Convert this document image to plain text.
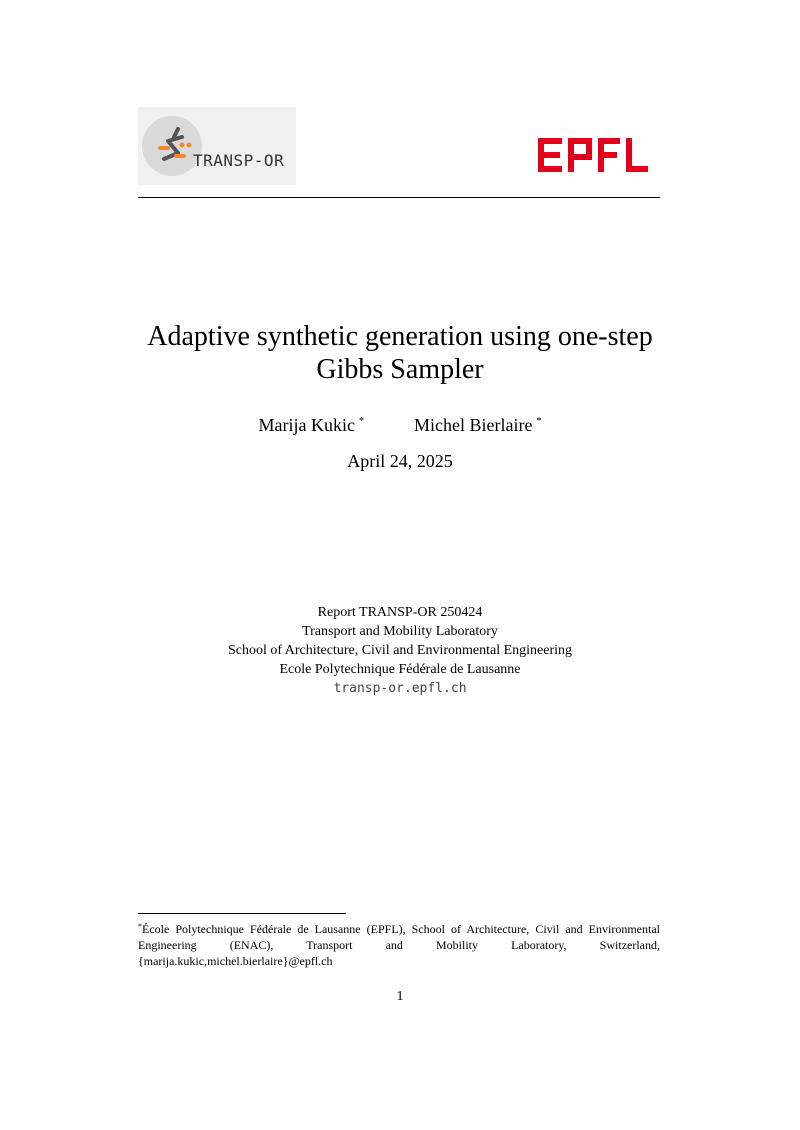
TRANSP-OR
Adaptive synthetic generation using one-step
Gibbs Sampler
Marija Kukic *	Michel Bierlaire *
April 24, 2025
Report TRANSP-OR 250424
Transport and Mobility Laboratory
School of Architecture, Civil and Environmental Engineering
Ecole Polytechnique Fédérale de Lausanne
transp-or.epfl.ch
*École Polytechnique Fédérale de Lausanne (EPFL), School of Architecture, Civil and Environmental Engineering (ENAC), Transport and Mobility Laboratory, Switzerland, {marija.kukic,michel.bierlaire}@epfl.ch
1
